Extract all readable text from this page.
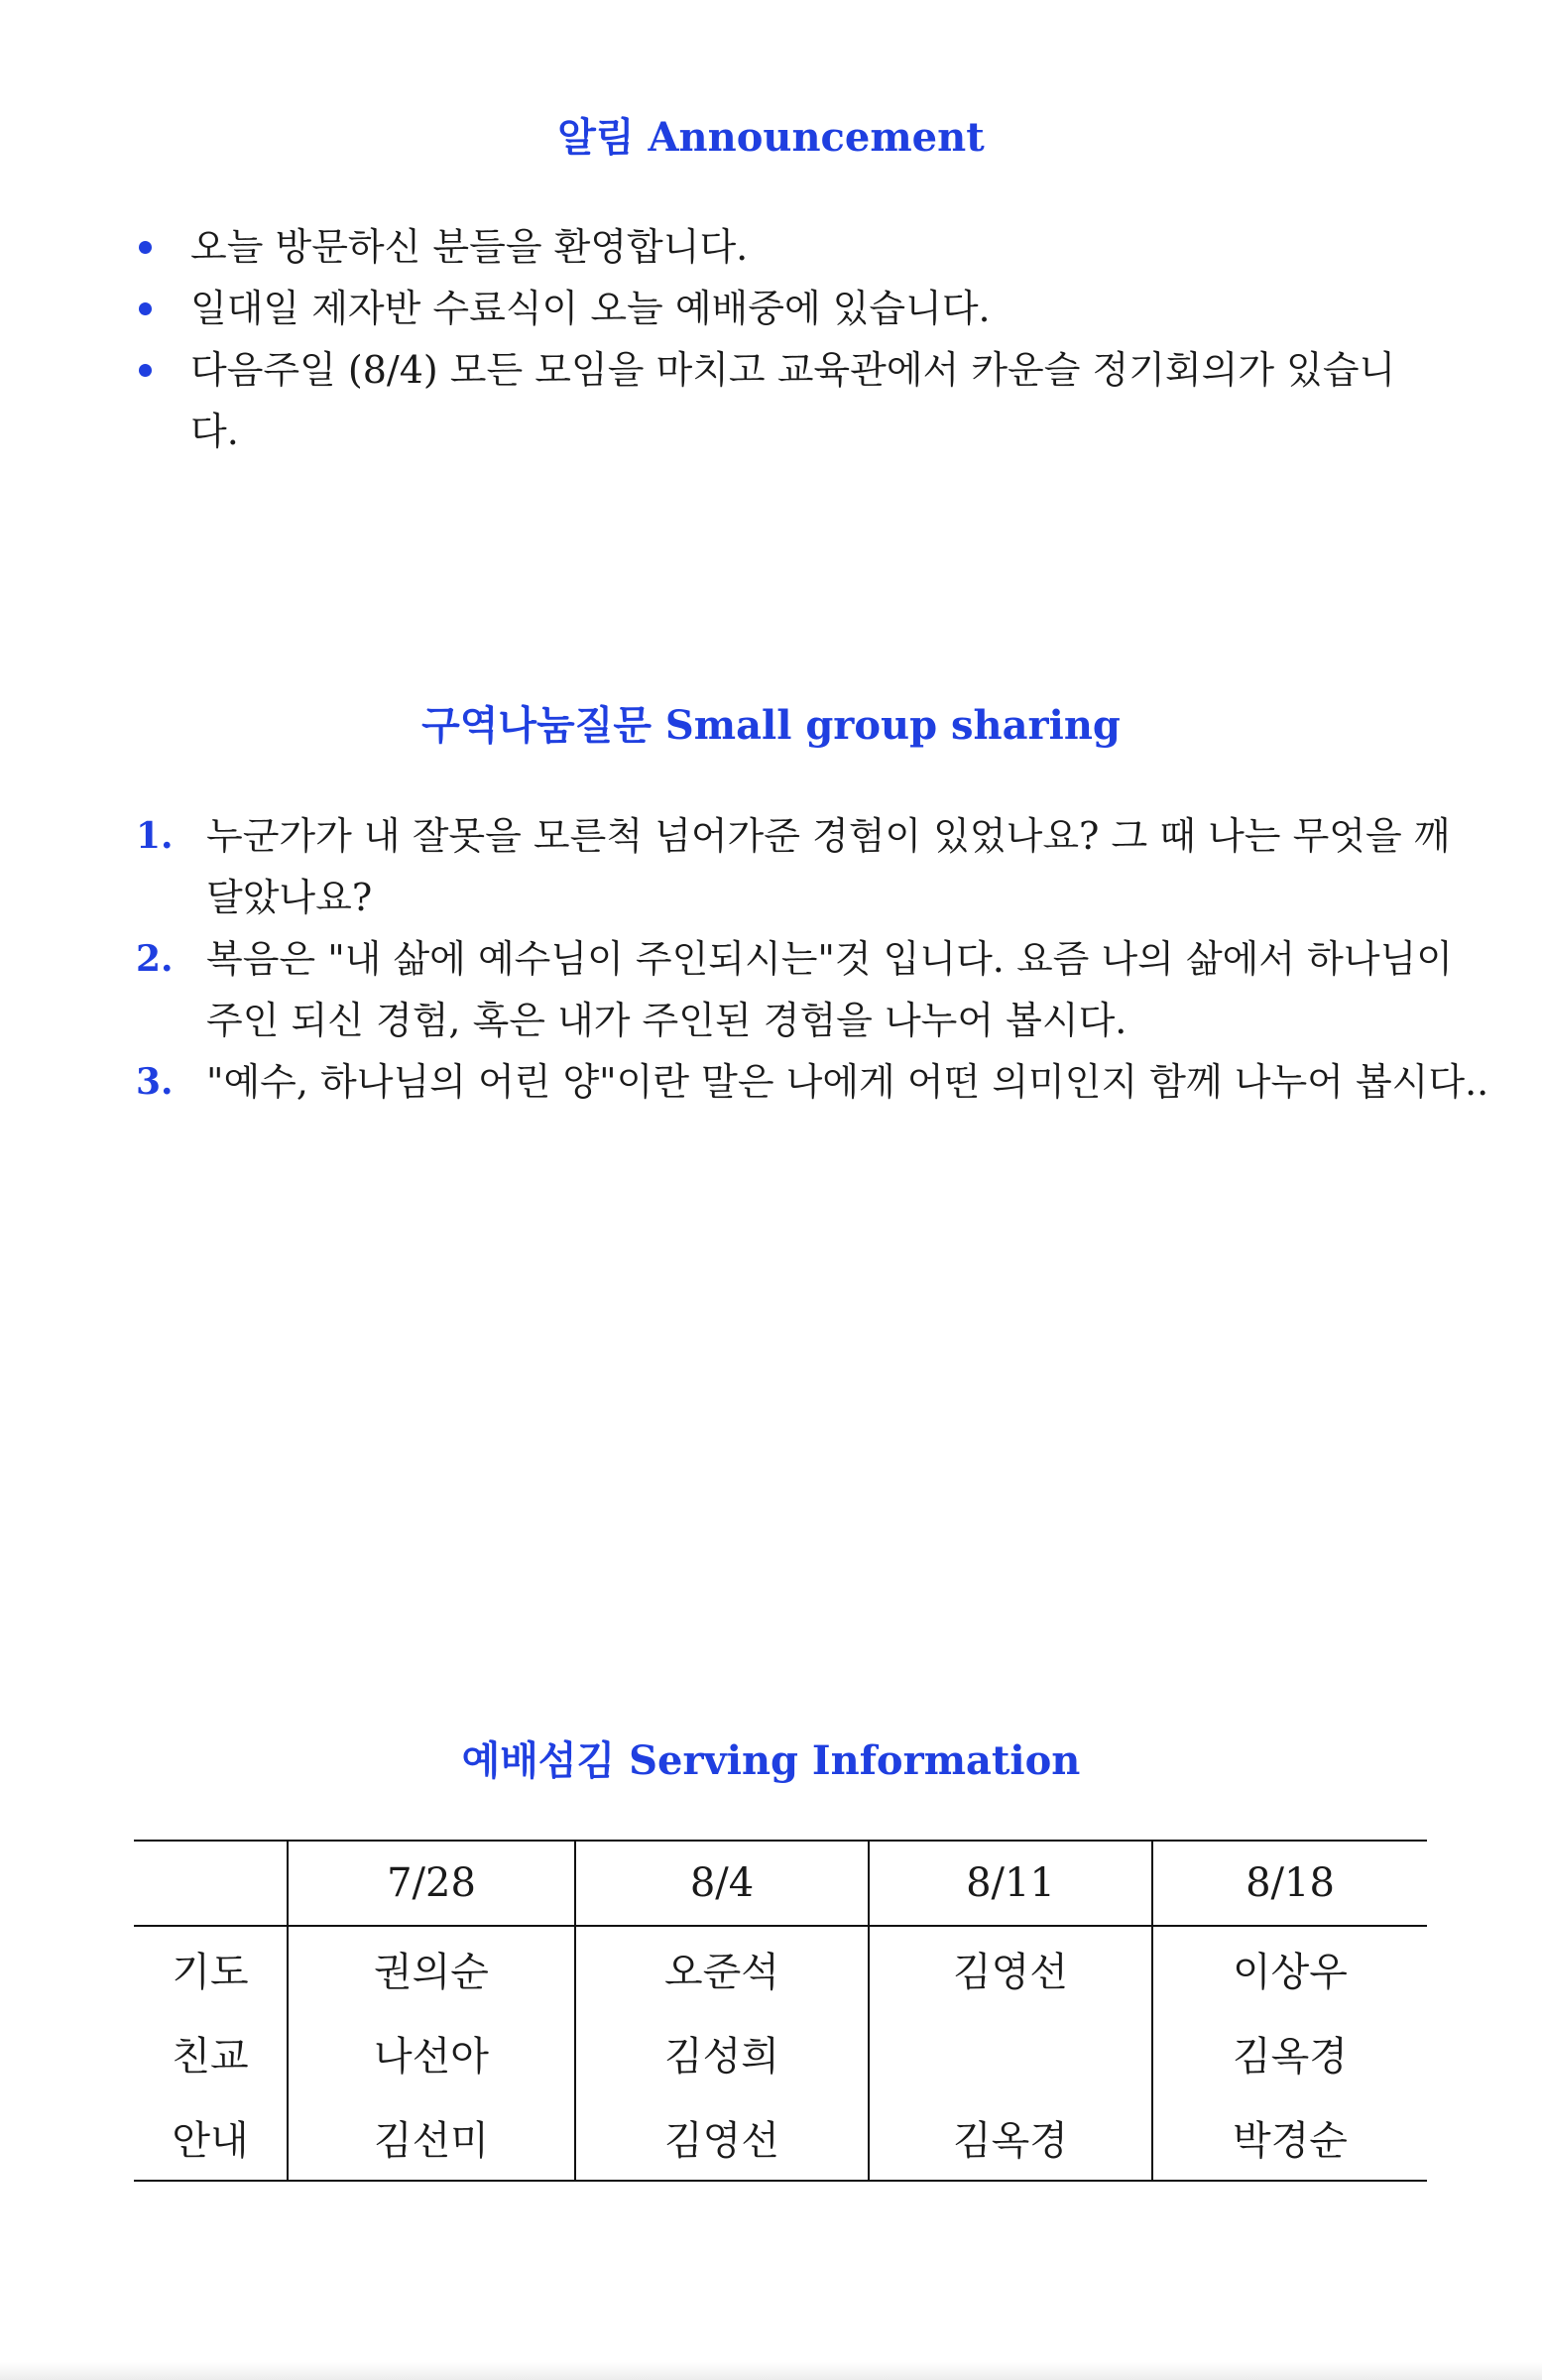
알림 Announcement
오늘 방문하신 분들을 환영합니다.
일대일 제자반 수료식이 오늘 예배중에 있습니다.
다음주일 (8/4) 모든 모임을 마치고 교육관에서 카운슬 정기회의가 있습니다.
구역나눔질문 Small group sharing
1. 누군가가 내 잘못을 모른척 넘어가준 경험이 있었나요? 그 때 나는 무엇을 깨달았나요?
2. 복음은 "내 삶에 예수님이 주인되시는"것 입니다. 요즘 나의 삶에서 하나님이 주인 되신 경험, 혹은 내가 주인된 경험을 나누어 봅시다.
3. "예수, 하나님의 어린 양"이란 말은 나에게 어떤 의미인지 함께 나누어 봅시다..
예배섬김 Serving Information
	7/28	8/4	8/11	8/18
기도	권의순	오준석	김영선	이상우
친교	나선아	김성희		김옥경
안내	김선미	김영선	김옥경	박경순
